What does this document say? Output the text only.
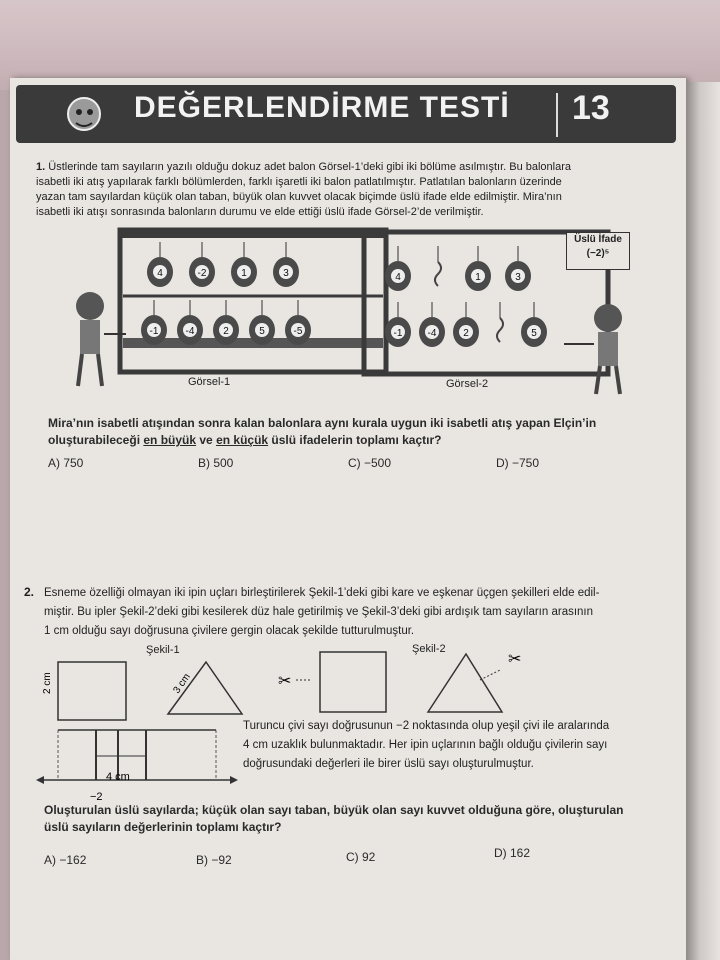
DEĞERLENDİRME TESTİ 13
1. Üstlerinde tam sayıların yazılı olduğu dokuz adet balon Görsel-1’deki gibi iki bölüme asılmıştır. Bu balonlara
isabetli iki atış yapılarak farklı bölümlerden, farklı işaretli iki balon patlatılmıştır. Patlatılan balonların üzerinde
yazan tam sayılardan küçük olan taban, büyük olan kuvvet olacak biçimde üslü ifade elde edilmiştir. Mira’nın
isabetli iki atışı sonrasında balonların durumu ve elde ettiği üslü ifade Görsel-2’de verilmiştir.
4	-2	1	3
-1	-4	2	5	-5
4	1	3
-1	-4	2	5
Üslü İfade
(−2)⁵
Görsel-1	Görsel-2
Mira’nın isabetli atışından sonra kalan balonlara aynı kurala uygun iki isabetli atış yapan Elçin’in
oluşturabileceği en büyük ve en küçük üslü ifadelerin toplamı kaçtır?
A) 750	B) 500	C) −500	D) −750
2. Esneme özelliği olmayan iki ipin uçları birleştirilerek Şekil-1’deki gibi kare ve eşkenar üçgen şekilleri elde edil-
miştir. Bu ipler Şekil-2’deki gibi kesilerek düz hale getirilmiş ve Şekil-3’deki gibi ardışık tam sayıların arasının
1 cm olduğu sayı doğrusuna çivilere gergin olacak şekilde tutturulmuştur.
Şekil-1	Şekil-2
2 cm	3 cm	✂
✂
4 cm
−2
Turuncu çivi sayı doğrusunun −2 noktasında olup yeşil çivi ile aralarında
4 cm uzaklık bulunmaktadır. Her ipin uçlarının bağlı olduğu çivilerin sayı
doğrusundaki değerleri ile birer üslü sayı oluşturulmuştur.
Oluşturulan üslü sayılarda; küçük olan sayı taban, büyük olan sayı kuvvet olduğuna göre, oluşturulan
üslü sayıların değerlerinin toplamı kaçtır?
A) −162	B) −92	C) 92	D) 162
